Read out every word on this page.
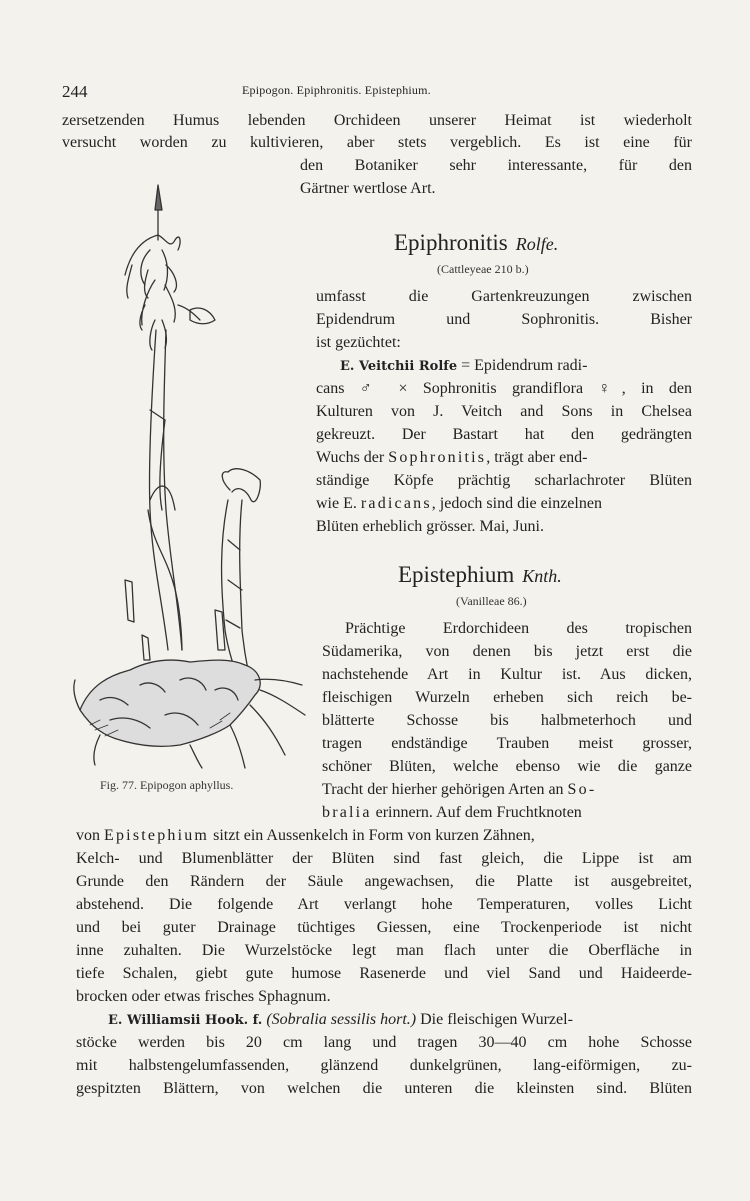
244	Epipogon. Epiphronitis. Epistephium.
zersetzenden Humus lebenden Orchideen unserer Heimat ist wiederholt
versucht worden zu kultivieren, aber stets vergeblich. Es ist eine für
den Botaniker sehr interessante, für den
Gärtner wertlose Art.
Epiphronitis Rolfe.
(Cattleyeae 210 b.)
umfasst die Gartenkreuzungen zwischen
Epidendrum und Sophronitis. Bisher
ist gezüchtet:
E. Veitchii Rolfe = Epidendrum radi-
cans ♂ × Sophronitis grandiflora ♀, in den
Kulturen von J. Veitch and Sons in Chelsea
gekreuzt. Der Bastart hat den gedrängten
Wuchs der Sophronitis, trägt aber end-
ständige Köpfe prächtig scharlachroter Blüten
wie E. radicans, jedoch sind die einzelnen
Blüten erheblich grösser. Mai, Juni.
Epistephium Knth.
(Vanilleae 86.)
Prächtige Erdorchideen des tropischen
Südamerika, von denen bis jetzt erst die
nachstehende Art in Kultur ist. Aus dicken,
fleischigen Wurzeln erheben sich reich be-
blätterte Schosse bis halbmeterhoch und
tragen endständige Trauben meist grosser,
schöner Blüten, welche ebenso wie die ganze
Tracht der hierher gehörigen Arten an So-
bralia erinnern. Auf dem Fruchtknoten
von Epistephium sitzt ein Aussenkelch in Form von kurzen Zähnen,
Kelch- und Blumenblätter der Blüten sind fast gleich, die Lippe ist am
Grunde den Rändern der Säule angewachsen, die Platte ist ausgebreitet,
abstehend. Die folgende Art verlangt hohe Temperaturen, volles Licht
und bei guter Drainage tüchtiges Giessen, eine Trockenperiode ist nicht
inne zuhalten. Die Wurzelstöcke legt man flach unter die Oberfläche in
tiefe Schalen, giebt gute humose Rasenerde und viel Sand und Haideerde-
brocken oder etwas frisches Sphagnum.
E. Williamsii Hook. f. (Sobralia sessilis hort.) Die fleischigen Wurzel-
stöcke werden bis 20 cm lang und tragen 30—40 cm hohe Schosse
mit halbstengelumfassenden, glänzend dunkelgrünen, lang-eiförmigen, zu-
gespitzten Blättern, von welchen die unteren die kleinsten sind. Blüten
Fig. 77. Epipogon aphyllus.
